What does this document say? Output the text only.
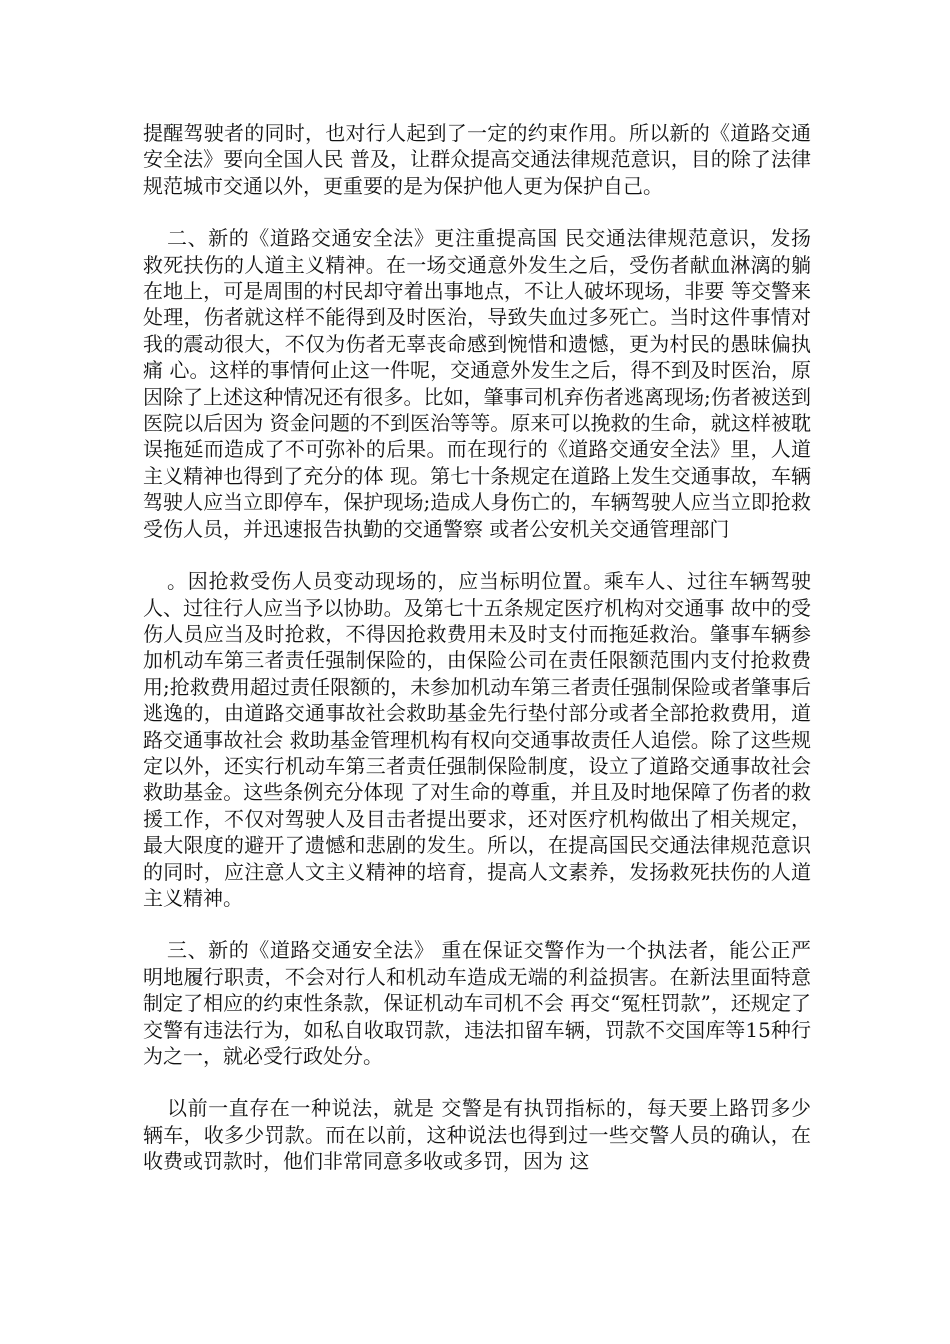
提醒驾驶者的同时，也对行人起到了一定的约束作用。所以新的《道路交通安全法》要向全国人民 普及，让群众提高交通法律规范意识，目的除了法律规范城市交通以外，更重要的是为保护他人更为保护自己。

二、新的《道路交通安全法》更注重提高国 民交通法律规范意识，发扬救死扶伤的人道主义精神。在一场交通意外发生之后，受伤者献血淋漓的躺在地上，可是周围的村民却守着出事地点，不让人破坏现场，非要 等交警来处理，伤者就这样不能得到及时医治，导致失血过多死亡。当时这件事情对我的震动很大，不仅为伤者无辜丧命感到惋惜和遗憾，更为村民的愚昧偏执痛 心。这样的事情何止这一件呢，交通意外发生之后，得不到及时医治，原因除了上述这种情况还有很多。比如，肇事司机弃伤者逃离现场;伤者被送到医院以后因为 资金问题的不到医治等等。原来可以挽救的生命，就这样被耽误拖延而造成了不可弥补的后果。而在现行的《道路交通安全法》里，人道主义精神也得到了充分的体 现。第七十条规定在道路上发生交通事故，车辆驾驶人应当立即停车，保护现场;造成人身伤亡的，车辆驾驶人应当立即抢救受伤人员，并迅速报告执勤的交通警察 或者公安机关交通管理部门

。因抢救受伤人员变动现场的，应当标明位置。乘车人、过往车辆驾驶人、过往行人应当予以协助。及第七十五条规定医疗机构对交通事 故中的受伤人员应当及时抢救，不得因抢救费用未及时支付而拖延救治。肇事车辆参加机动车第三者责任强制保险的，由保险公司在责任限额范围内支付抢救费用;抢救费用超过责任限额的，未参加机动车第三者责任强制保险或者肇事后逃逸的，由道路交通事故社会救助基金先行垫付部分或者全部抢救费用，道路交通事故社会 救助基金管理机构有权向交通事故责任人追偿。除了这些规定以外，还实行机动车第三者责任强制保险制度，设立了道路交通事故社会救助基金。这些条例充分体现 了对生命的尊重，并且及时地保障了伤者的救援工作，不仅对驾驶人及目击者提出要求，还对医疗机构做出了相关规定，最大限度的避开了遗憾和悲剧的发生。所以，在提高国民交通法律规范意识的同时，应注意人文主义精神的培育，提高人文素养，发扬救死扶伤的人道主义精神。

三、新的《道路交通安全法》 重在保证交警作为一个执法者，能公正严明地履行职责，不会对行人和机动车造成无端的利益损害。在新法里面特意制定了相应的约束性条款，保证机动车司机不会 再交“冤枉罚款”，还规定了交警有违法行为，如私自收取罚款，违法扣留车辆，罚款不交国库等15种行为之一，就必受行政处分。

以前一直存在一种说法，就是 交警是有执罚指标的，每天要上路罚多少辆车，收多少罚款。而在以前，这种说法也得到过一些交警人员的确认，在收费或罚款时，他们非常同意多收或多罚，因为 这
